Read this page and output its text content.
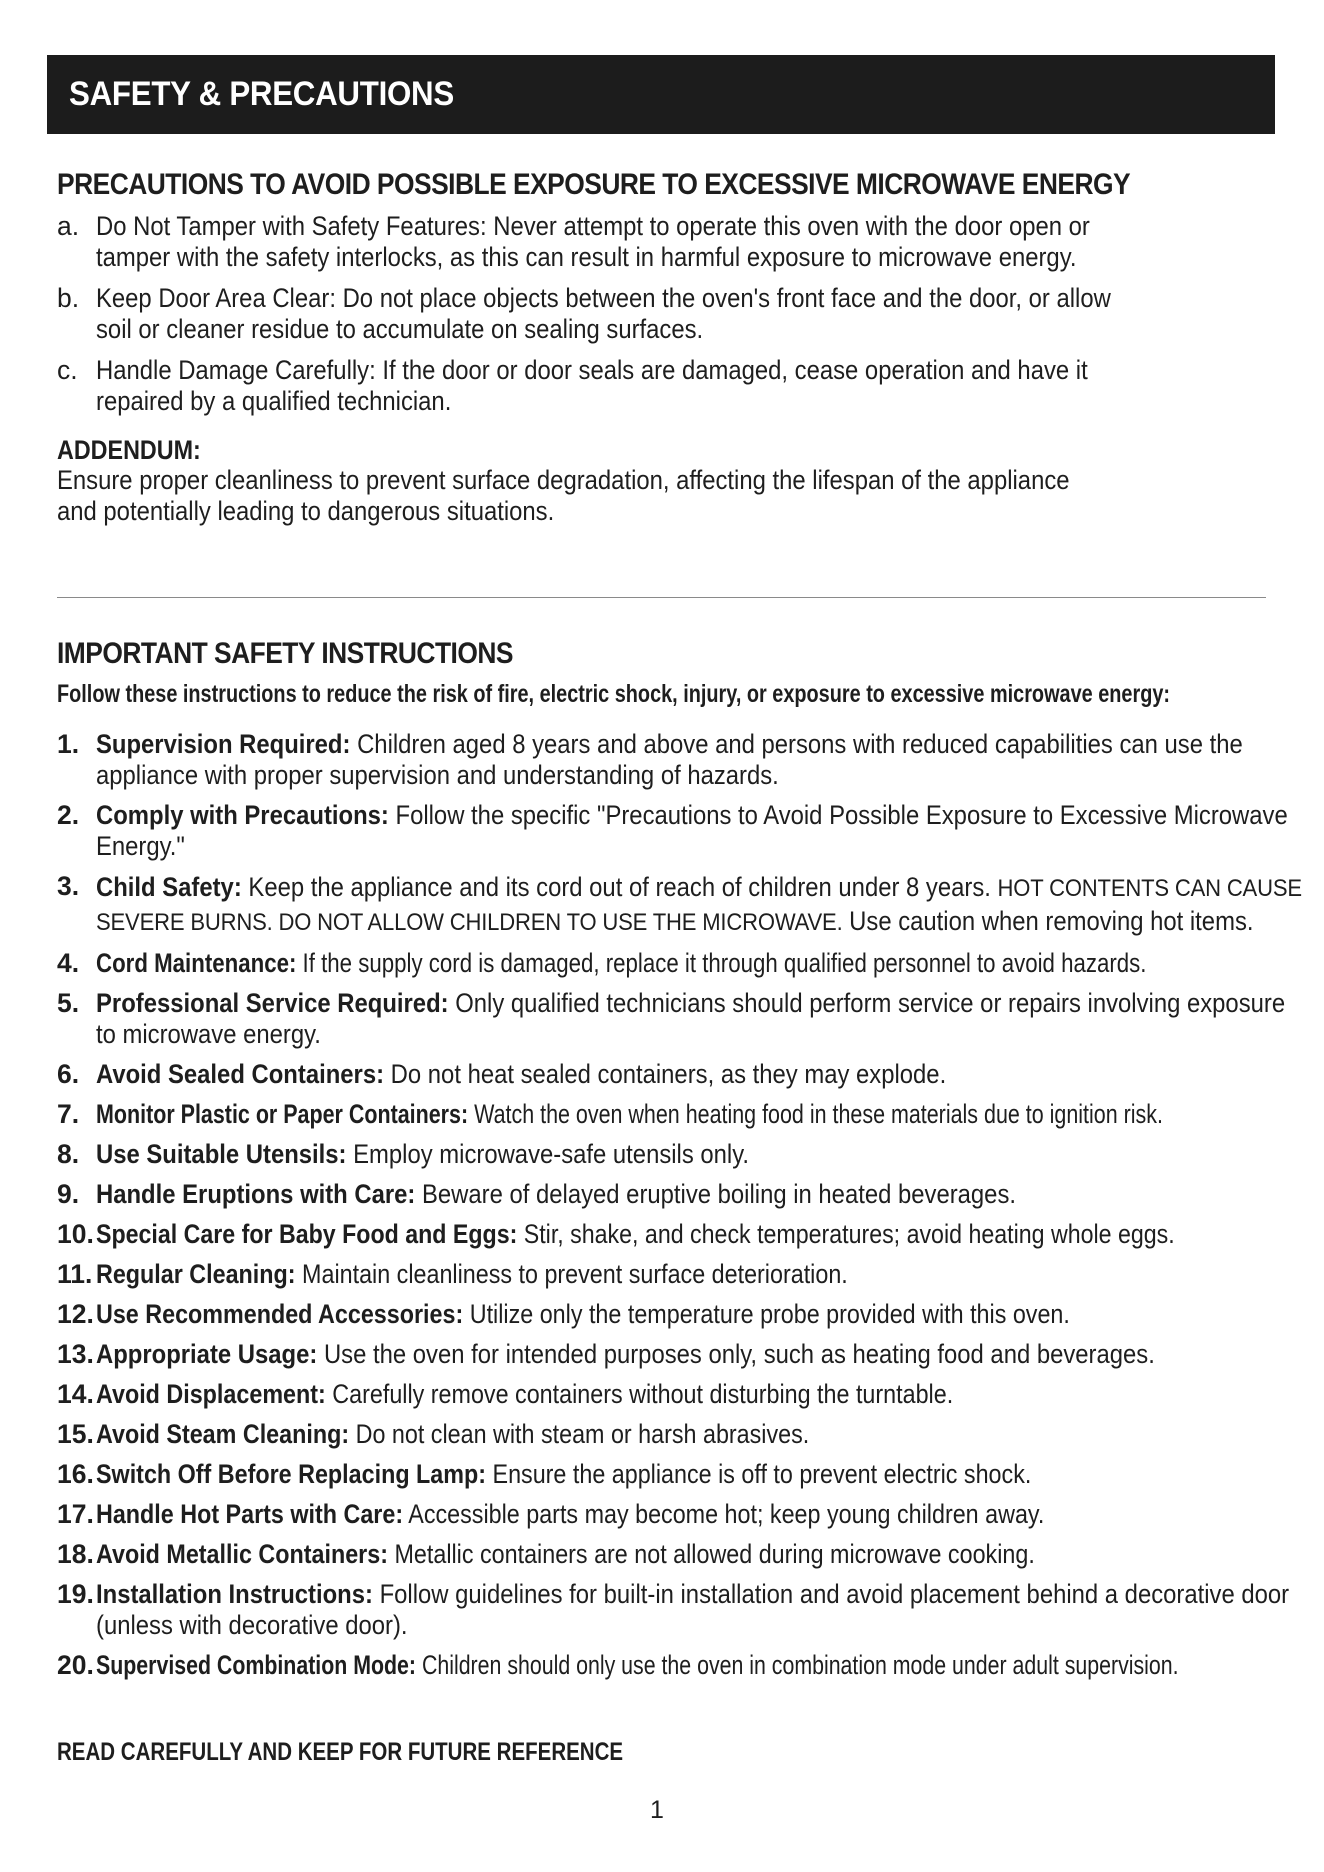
SAFETY & PRECAUTIONS
PRECAUTIONS TO AVOID POSSIBLE EXPOSURE TO EXCESSIVE MICROWAVE ENERGY
a. Do Not Tamper with Safety Features: Never attempt to operate this oven with the door open or
tamper with the safety interlocks, as this can result in harmful exposure to microwave energy.
b. Keep Door Area Clear: Do not place objects between the oven's front face and the door, or allow
soil or cleaner residue to accumulate on sealing surfaces.
c. Handle Damage Carefully: If the door or door seals are damaged, cease operation and have it
repaired by a qualified technician.
ADDENDUM:
Ensure proper cleanliness to prevent surface degradation, affecting the lifespan of the appliance
and potentially leading to dangerous situations.
IMPORTANT SAFETY INSTRUCTIONS
Follow these instructions to reduce the risk of fire, electric shock, injury, or exposure to excessive microwave energy:
1. Supervision Required: Children aged 8 years and above and persons with reduced capabilities can use the appliance with proper supervision and understanding of hazards.
2. Comply with Precautions: Follow the specific "Precautions to Avoid Possible Exposure to Excessive Microwave Energy."
3. Child Safety: Keep the appliance and its cord out of reach of children under 8 years. HOT CONTENTS CAN CAUSE SEVERE BURNS. DO NOT ALLOW CHILDREN TO USE THE MICROWAVE. Use caution when removing hot items.
4. Cord Maintenance: If the supply cord is damaged, replace it through qualified personnel to avoid hazards.
5. Professional Service Required: Only qualified technicians should perform service or repairs involving exposure to microwave energy.
6. Avoid Sealed Containers: Do not heat sealed containers, as they may explode.
7. Monitor Plastic or Paper Containers: Watch the oven when heating food in these materials due to ignition risk.
8. Use Suitable Utensils: Employ microwave-safe utensils only.
9. Handle Eruptions with Care: Beware of delayed eruptive boiling in heated beverages.
10. Special Care for Baby Food and Eggs: Stir, shake, and check temperatures; avoid heating whole eggs.
11. Regular Cleaning: Maintain cleanliness to prevent surface deterioration.
12. Use Recommended Accessories: Utilize only the temperature probe provided with this oven.
13. Appropriate Usage: Use the oven for intended purposes only, such as heating food and beverages.
14. Avoid Displacement: Carefully remove containers without disturbing the turntable.
15. Avoid Steam Cleaning: Do not clean with steam or harsh abrasives.
16. Switch Off Before Replacing Lamp: Ensure the appliance is off to prevent electric shock.
17. Handle Hot Parts with Care: Accessible parts may become hot; keep young children away.
18. Avoid Metallic Containers: Metallic containers are not allowed during microwave cooking.
19. Installation Instructions: Follow guidelines for built-in installation and avoid placement behind a decorative door (unless with decorative door).
20. Supervised Combination Mode: Children should only use the oven in combination mode under adult supervision.
READ CAREFULLY AND KEEP FOR FUTURE REFERENCE
1
